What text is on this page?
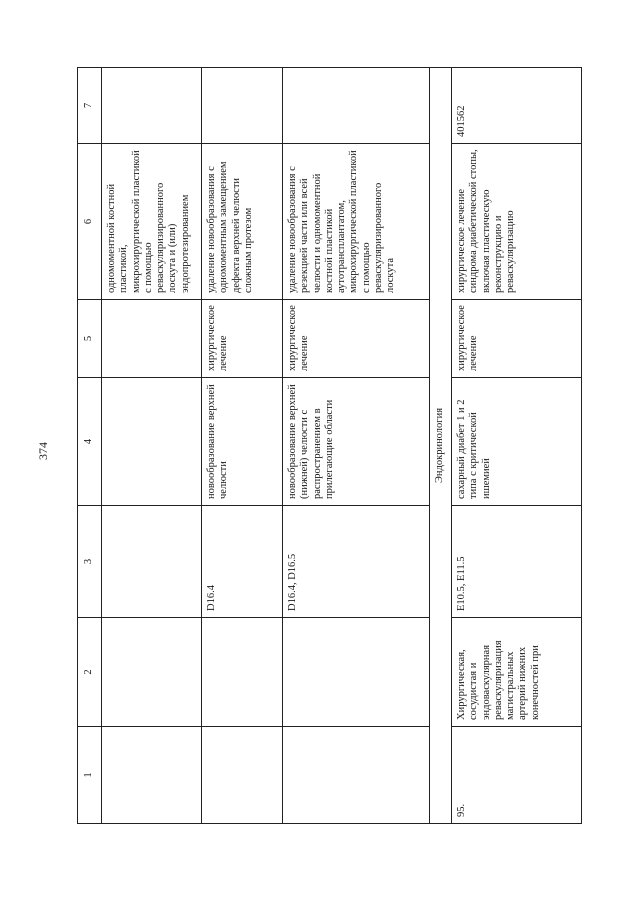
374
1	2	3	4	5	6	7
					одномоментной костной пластикой, микрохирургической пластикой с помощью реваскуляризированного лоскута и (или) эндопротезированием	
		D16.4	новообразование верхней челюсти	хирургическое лечение	удаление новообразования с одномоментным замещением дефекта верхней челюсти сложным протезом	
		D16.4, D16.5	новообразование верхней (нижней) челюсти с распространением в прилегающие области	хирургическое лечение	удаление новообразования с резекцией части или всей челюсти и одномоментной костной пластикой аутотрансплантатом, микрохирургической пластикой с помощью реваскуляризированного лоскута	
Эндокринология						
95.	Хирургическая, сосудистая и эндоваскулярная реваскуляризация магистральных артерий нижних конечностей при	E10.5, E11.5	сахарный диабет 1 и 2 типа с критической ишемией	хирургическое лечение	хирургическое лечение синдрома диабетической стопы, включая пластическую реконструкцию и реваскуляризацию	401562
